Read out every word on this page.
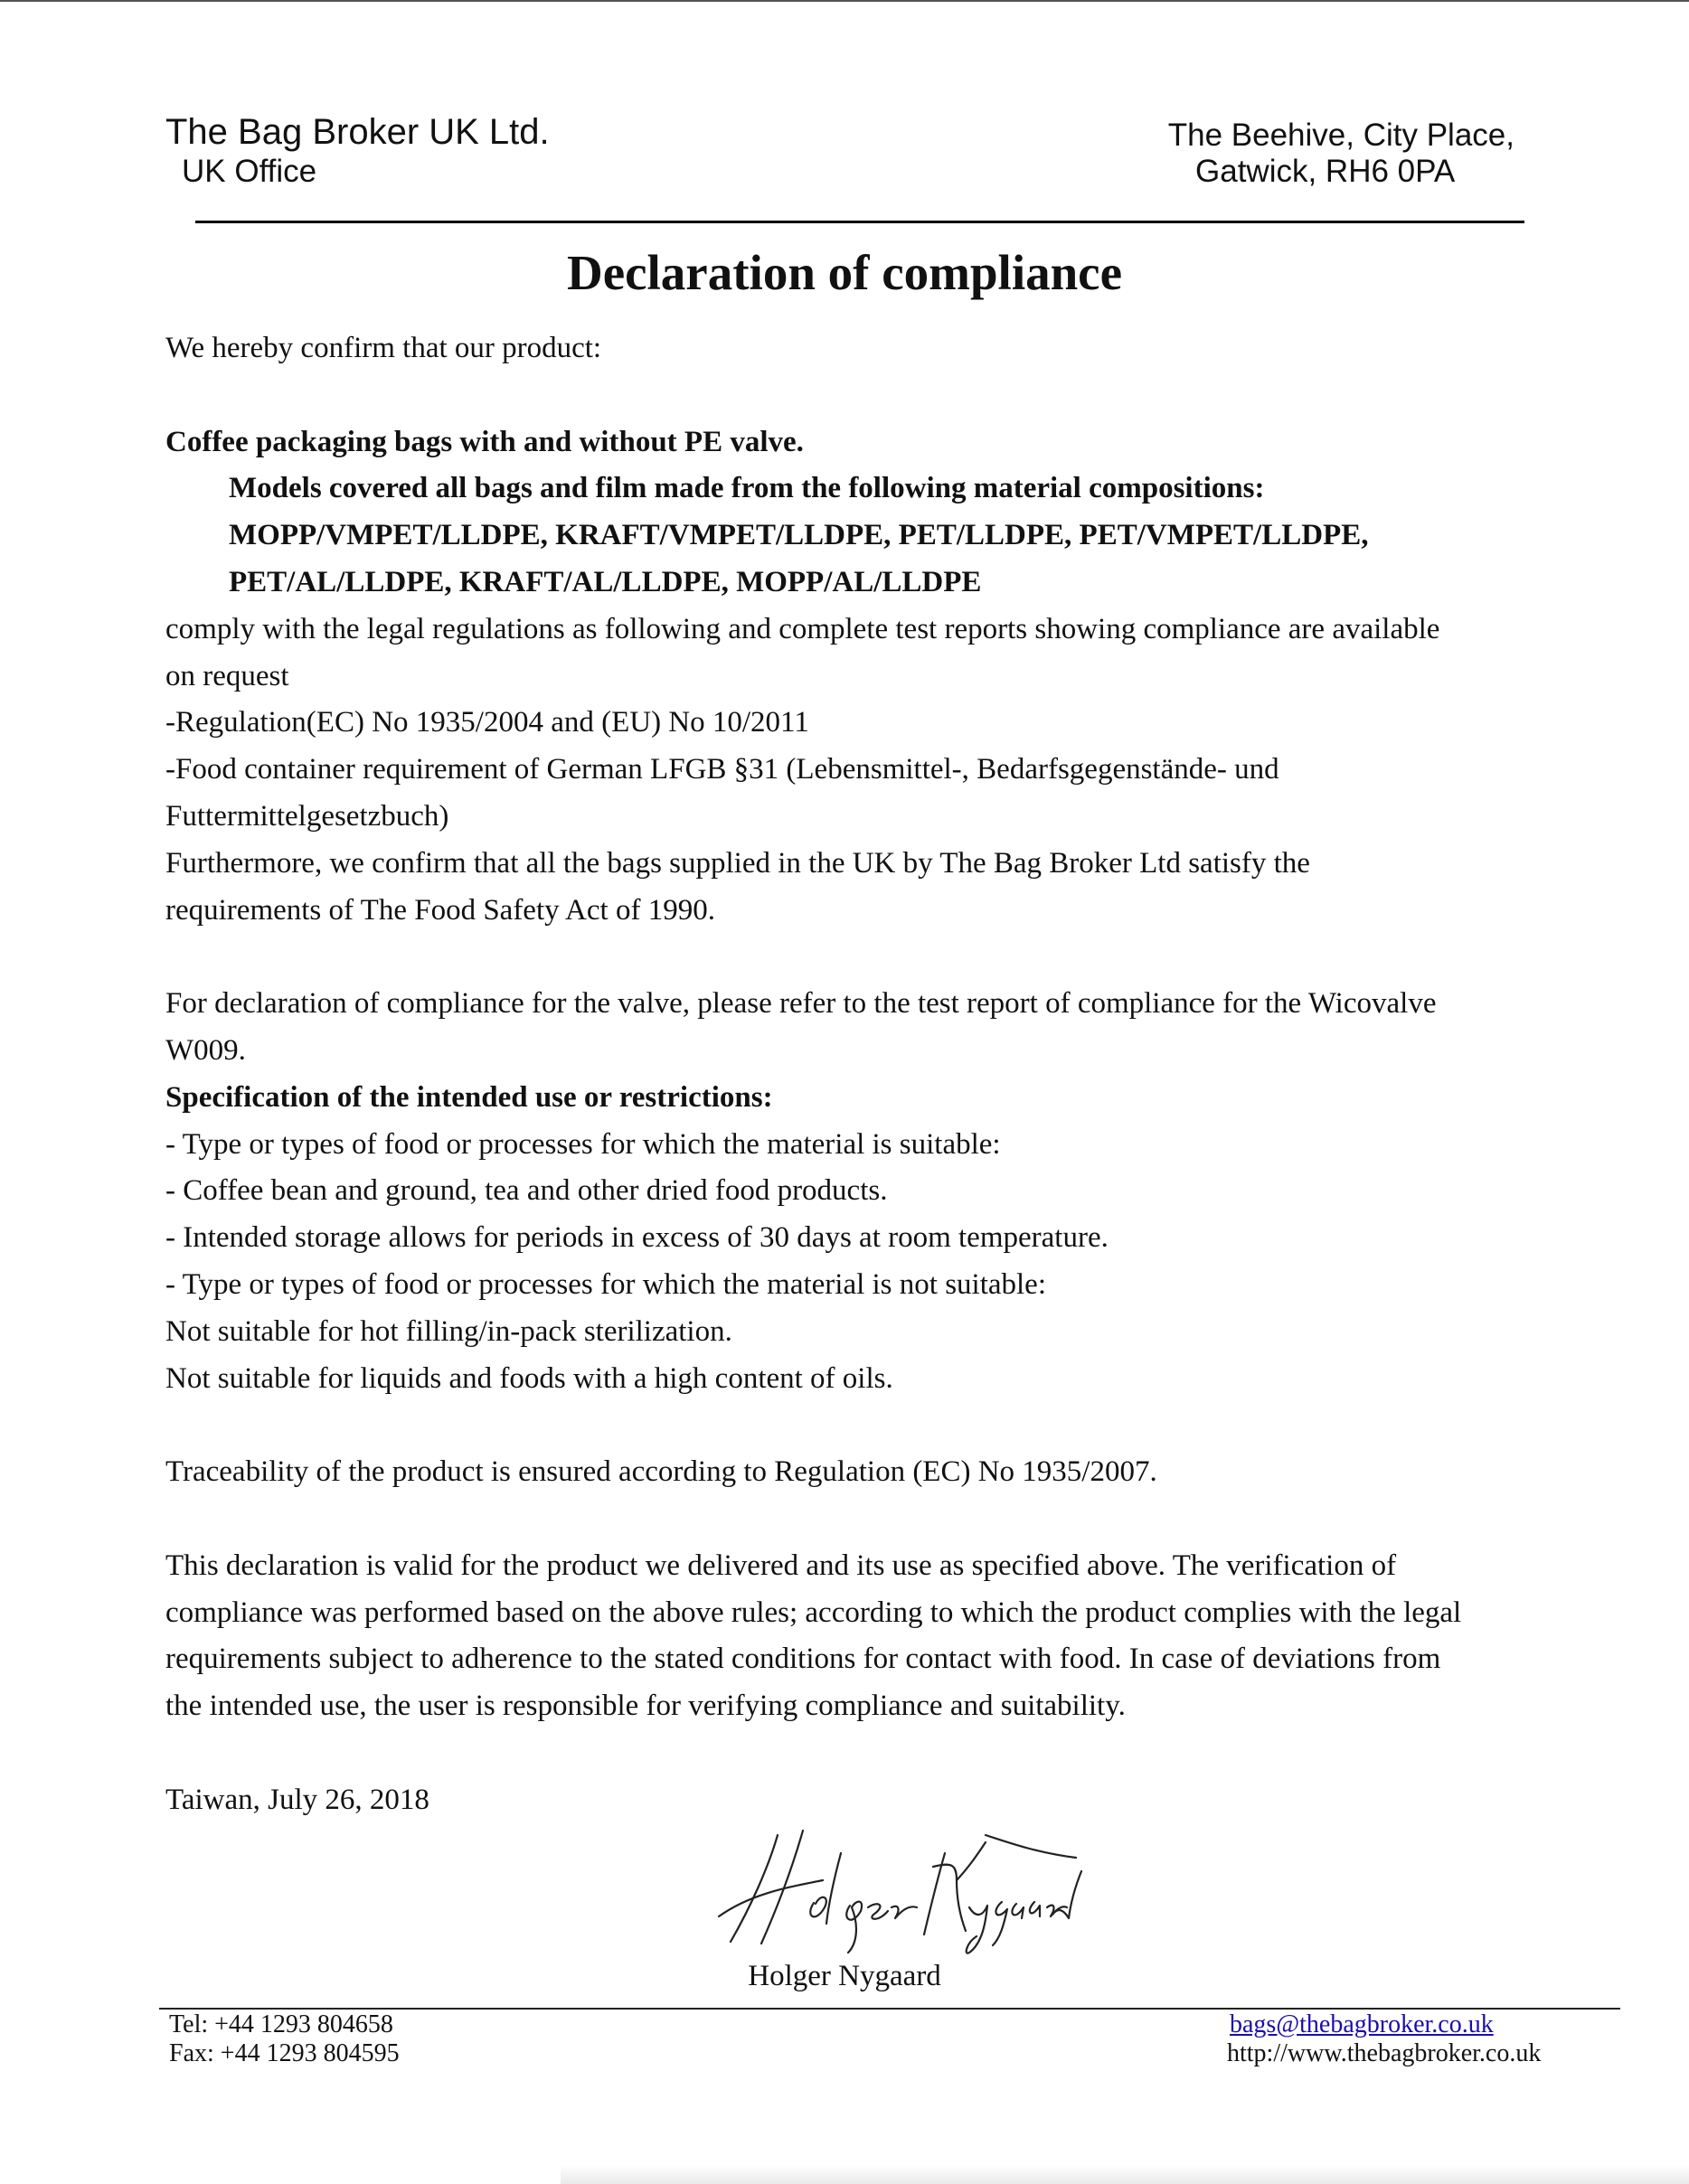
The Bag Broker UK Ltd.
UK Office
The Beehive, City Place,
Gatwick, RH6 0PA
Declaration of compliance

We hereby confirm that our product:

Coffee packaging bags with and without PE valve.

Models covered all bags and film made from the following material compositions:

MOPP/VMPET/LLDPE, KRAFT/VMPET/LLDPE, PET/LLDPE, PET/VMPET/LLDPE,

PET/AL/LLDPE, KRAFT/AL/LLDPE, MOPP/AL/LLDPE

comply with the legal regulations as following and complete test reports showing compliance are available

on request

-Regulation(EC) No 1935/2004 and (EU) No 10/2011

-Food container requirement of German LFGB §31 (Lebensmittel-, Bedarfsgegenstände- und

Futtermittelgesetzbuch)

Furthermore, we confirm that all the bags supplied in the UK by The Bag Broker Ltd satisfy the

requirements of The Food Safety Act of 1990.

For declaration of compliance for the valve, please refer to the test report of compliance for the Wicovalve

W009.

Specification of the intended use or restrictions:

- Type or types of food or processes for which the material is suitable:

- Coffee bean and ground, tea and other dried food products.

- Intended storage allows for periods in excess of 30 days at room temperature.

- Type or types of food or processes for which the material is not suitable:

Not suitable for hot filling/in-pack sterilization.

Not suitable for liquids and foods with a high content of oils.

Traceability of the product is ensured according to Regulation (EC) No 1935/2007.

This declaration is valid for the product we delivered and its use as specified above. The verification of

compliance was performed based on the above rules; according to which the product complies with the legal

requirements subject to adherence to the stated conditions for contact with food. In case of deviations from

the intended use, the user is responsible for verifying compliance and suitability.

Taiwan, July 26, 2018

Holger Nygaard
Tel: +44 1293 804658
Fax: +44 1293 804595
bags@thebagbroker.co.uk
http://www.thebagbroker.co.uk
